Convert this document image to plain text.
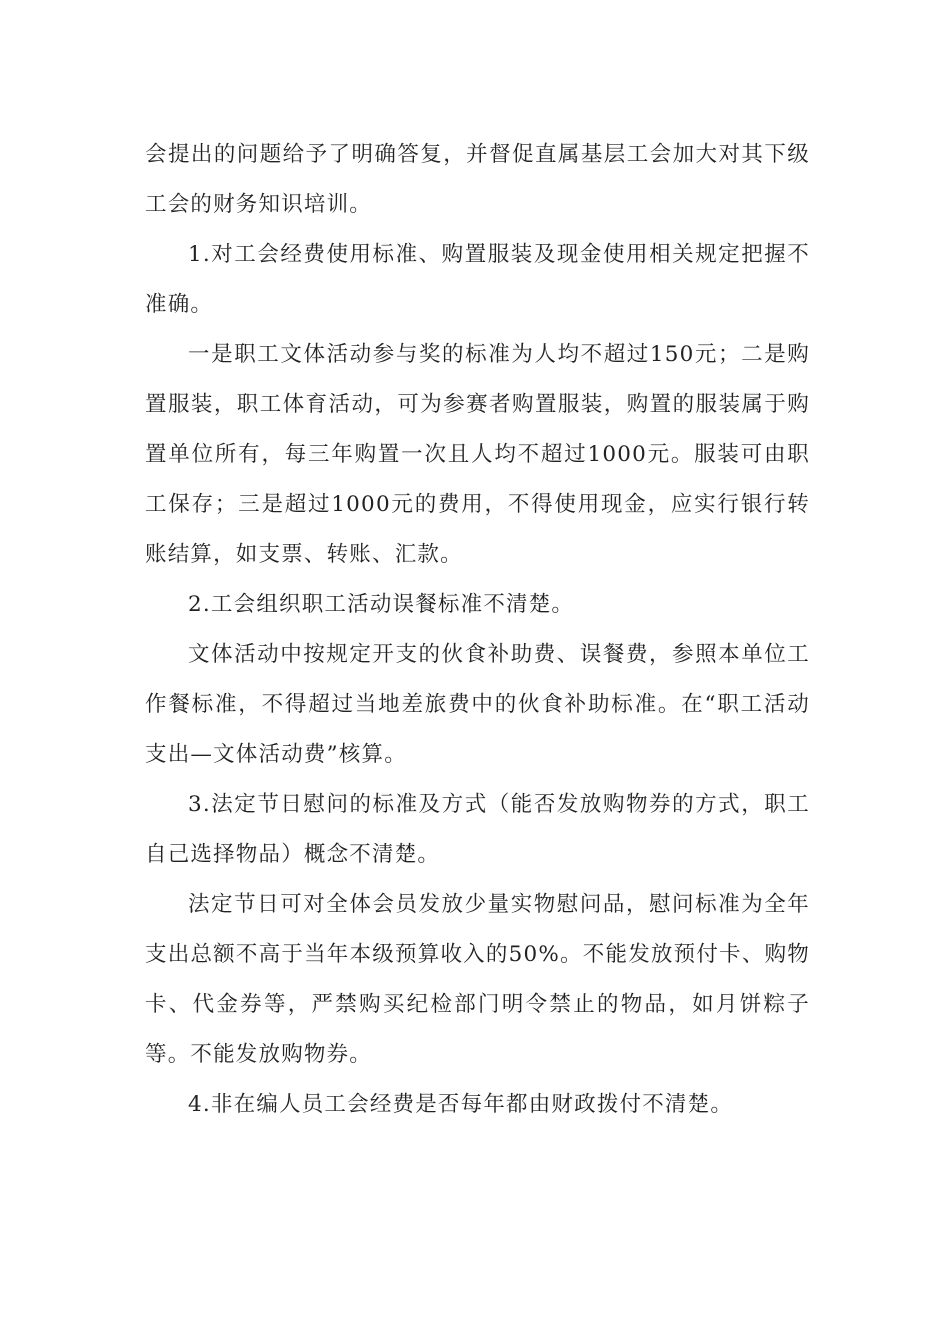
会提出的问题给予了明确答复，并督促直属基层工会加大对其下级工会的财务知识培训。

1.对工会经费使用标准、购置服装及现金使用相关规定把握不准确。

一是职工文体活动参与奖的标准为人均不超过150元；二是购置服装，职工体育活动，可为参赛者购置服装，购置的服装属于购置单位所有，每三年购置一次且人均不超过1000元。服装可由职工保存；三是超过1000元的费用，不得使用现金，应实行银行转账结算，如支票、转账、汇款。

2.工会组织职工活动误餐标准不清楚。

文体活动中按规定开支的伙食补助费、误餐费，参照本单位工作餐标准，不得超过当地差旅费中的伙食补助标准。在“职工活动支出—文体活动费”核算。

3.法定节日慰问的标准及方式（能否发放购物券的方式，职工自己选择物品）概念不清楚。

法定节日可对全体会员发放少量实物慰问品，慰问标准为全年支出总额不高于当年本级预算收入的50%。不能发放预付卡、购物卡、代金券等，严禁购买纪检部门明令禁止的物品，如月饼粽子等。不能发放购物券。

4.非在编人员工会经费是否每年都由财政拨付不清楚。
